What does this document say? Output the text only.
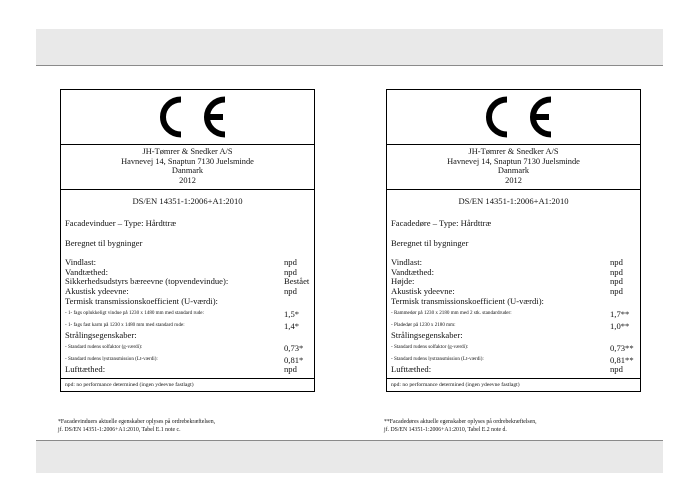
JH-Tømrer & Snedker A/S
Havnevej 14, Snaptun 7130 Juelsminde
Danmark
2012
DS/EN 14351-1:2006+A1:2010
Facadevinduer – Type: Hårdttræ
Beregnet til bygninger
Vindlast:	npd
Vandtæthed:	npd
Sikkerhedsudstyrs bæreevne (topvendevindue):	Bestået
Akustisk ydeevne:	npd
Termisk transmissionskoefficient (U-værdi):
- 1- fags oplukkeligt vindue på 1230 x 1480 mm med standard rude:	1,5*
- 1- fags fast karm på 1230 x 1480 mm med standard rude:	1,4*
Strålingsegenskaber:
- Standard rudens solfaktor (g-værdi):	0,73*
- Standard rudens lystransmission (Lt-værdi):	0,81*
Lufttæthed:	npd
npd: no performance determined (ingen ydeevne fastlagt)
JH-Tømrer & Snedker A/S
Havnevej 14, Snaptun 7130 Juelsminde
Danmark
2012
DS/EN 14351-1:2006+A1:2010
Facadedøre – Type: Hårdttræ
Beregnet til bygninger
Vindlast:	npd
Vandtæthed:	npd
Højde:	npd
Akustisk ydeevne:	npd
Termisk transmissionskoefficient (U-værdi):
- Rammedør på 1230 x 2180 mm med 2 stk. standardruder:	1,7**
- Pladedør på 1230 x 2180 mm:	1,0**
Strålingsegenskaber:
- Standard rudens solfaktor (g-værdi):	0,73**
- Standard rudens lystransmission (Lt-værdi):	0,81**
Lufttæthed:	npd
npd: no performance determined (ingen ydeevne fastlagt)
*Facadevinduers aktuelle egenskaber oplyses på ordrebekræftelsen,
jf. DS/EN 14351-1:2006+A1:2010, Tabel E.1 note c.
**Facadedøres aktuelle egenskaber oplyses på ordrebekræftelsen,
jf. DS/EN 14351-1:2006+A1:2010, Tabel E.2 note d.
